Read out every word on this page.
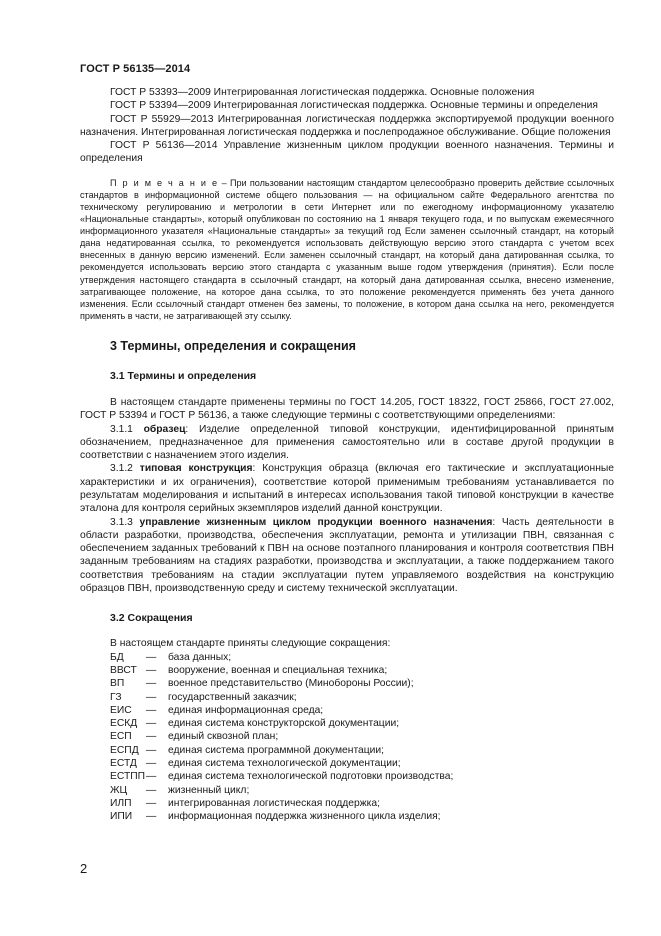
ГОСТ Р 56135—2014

ГОСТ Р 53393—2009 Интегрированная логистическая поддержка. Основные положения

ГОСТ Р 53394—2009 Интегрированная логистическая поддержка. Основные термины и определения

ГОСТ Р 55929—2013 Интегрированная логистическая поддержка экспортируемой продукции военного назначения. Интегрированная логистическая поддержка и послепродажное обслуживание. Общие положения

ГОСТ Р 56136—2014 Управление жизненным циклом продукции военного назначения. Термины и определения

П р и м е ч а н и е – При пользовании настоящим стандартом целесообразно проверить действие ссылочных стандартов в информационной системе общего пользования — на официальном сайте Федерального агентства по техническому регулированию и метрологии в сети Интернет или по ежегодному информационному указателю «Национальные стандарты», который опубликован по состоянию на 1 января текущего года, и по выпускам ежемесячного информационного указателя «Национальные стандарты» за текущий год Если заменен ссылочный стандарт, на который дана недатированная ссылка, то рекомендуется использовать действующую версию этого стандарта с учетом всех внесенных в данную версию изменений. Если заменен ссылочный стандарт, на который дана датированная ссылка, то рекомендуется использовать версию этого стандарта с указанным выше годом утверждения (принятия). Если после утверждения настоящего стандарта в ссылочный стандарт, на который дана датированная ссылка, внесено изменение, затрагивающее положение, на которое дана ссылка, то это положение рекомендуется применять без учета данного изменения. Если ссылочный стандарт отменен без замены, то положение, в котором дана ссылка на него, рекомендуется применять в части, не затрагивающей эту ссылку.

3 Термины, определения и сокращения
3.1 Термины и определения

В настоящем стандарте применены термины по ГОСТ 14.205, ГОСТ 18322, ГОСТ 25866, ГОСТ 27.002, ГОСТ Р 53394 и ГОСТ Р 56136, а также следующие термины с соответствующими определениями:

3.1.1 образец: Изделие определенной типовой конструкции, идентифицированной принятым обозначением, предназначенное для применения самостоятельно или в составе другой продукции в соответствии с назначением этого изделия.

3.1.2 типовая конструкция: Конструкция образца (включая его тактические и эксплуатационные характеристики и их ограничения), соответствие которой применимым требованиям устанавливается по результатам моделирования и испытаний в интересах использования такой типовой конструкции в качестве эталона для контроля серийных экземпляров изделий данной конструкции.

3.1.3 управление жизненным циклом продукции военного назначения: Часть деятельности в области разработки, производства, обеспечения эксплуатации, ремонта и утилизации ПВН, связанная с обеспечением заданных требований к ПВН на основе поэтапного планирования и контроля соответствия ПВН заданным требованиям на стадиях разработки, производства и эксплуатации, а также поддержанием такого соответствия требованиям на стадии эксплуатации путем управляемого воздействия на конструкцию образцов ПВН, производственную среду и систему технической эксплуатации.

3.2 Сокращения

В настоящем стандарте приняты следующие сокращения:

БД	—	база данных;
ВВСТ —	вооружение, военная и специальная техника;
ВП	—	военное представительство (Минобороны России);
ГЗ	—	государственный заказчик;
ЕИС	—	единая информационная среда;
ЕСКД —	единая система конструкторской документации;
ЕСП	—	единый сквозной план;
ЕСПД —	единая система программной документации;
ЕСТД —	единая система технологической документации;
ЕСТПП —	единая система технологической подготовки производства;
ЖЦ	—	жизненный цикл;
ИЛП	—	интегрированная логистическая поддержка;
ИПИ	—	информационная поддержка жизненного цикла изделия;
2
